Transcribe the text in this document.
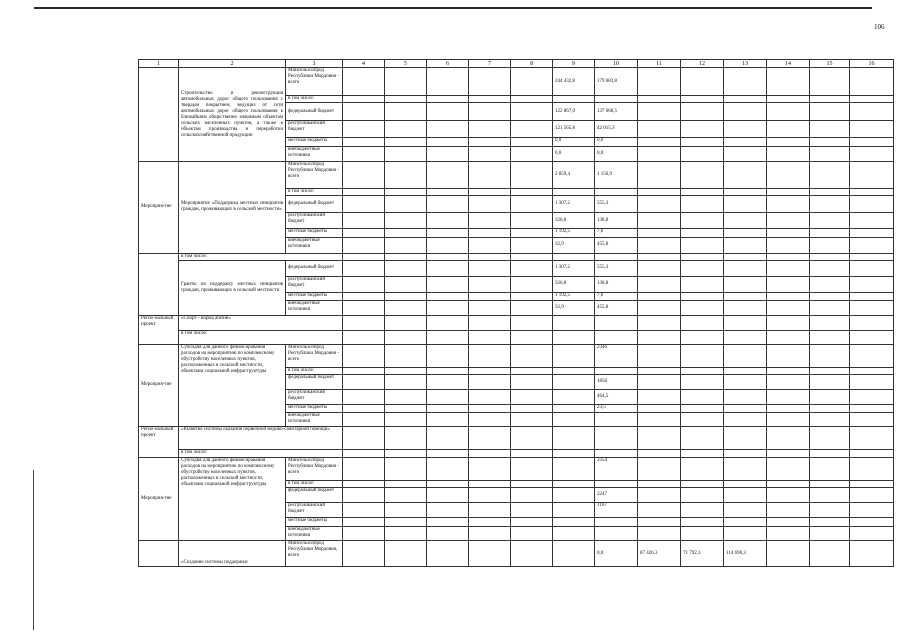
106
1	2	3	4	5	6	7	8	9	10	11	12	13	14	15	16
	Строительство и реконструкция автомобильных дорог общего пользования с твердым покрытием, ведущих от сети автомобильных дорог общего пользования к ближайшим общественно значимым объектам сельских населенных пунктов, а также к объектам производства и переработки сельскохозяйственной продукции	Минсельхозпрод Республики Мордовия - всего						244 432,8	179 683,8						
		в том числе:													
		федеральный бюджет						122 867,0	137 668,5						
		республиканский бюджет						121 565,8	42 015,3						
		местные бюджеты						0,0	0,0						
		внебюджетные источники						0,0	0,0						
Мероприя-тие	Мероприятие «Поддержка местных инициатив граждан, проживающих в сельской местности»	Минсельхозпрод Республики Мордовия - всего						2 859,4	1 156,9						
		в том числе:													
		федеральный бюджет						1 307,2	555,3						
		республиканский бюджет						326,8	138,8						
		местные бюджеты						1 192,5	7,0						
		внебюджетные источники						32,9	455,8						
	в том числе:														
	Гранты на поддержку местных инициатив граждан, проживающих в сельской местности	федеральный бюджет						1 307,2	555,3						
		республиканский бюджет						326,8	138,8						
		местные бюджеты						1 192,5	7,0						
		внебюджетные источники						32,9	455,8						
Регио-нальный проект	«Спорт - норма жизни»														
	в том числе:														
Мероприя-тие	Субсидия для данного финансирования расходов на мероприятию по комплексному обустройству населенных пунктов, расположенных в сельской местности, объектами социальной инфраструктуры	Минсельхозпрод Республики Мордовия - всего							2346						
		в том числе:													
		федеральный бюджет							1858						
		республиканский бюджет							464,5						
		местные бюджеты							23,5						
		внебюджетные источники													
Регио-нальный проект	«Развитие системы оказания первичной медико-санитарной помощи»														
	в том числе:														
Мероприя-тие	Субсидия для данного финансирования расходов на мероприятию по комплексному обустройству населенных пунктов, расположенных в сельской местности, объектами социальной инфраструктуры	Минсельхозпрод Республики Мордовия - всего							3354						
		в том числе:													
		федеральный бюджет							2247						
		республиканский бюджет							1107						
		местные бюджеты													
		внебюджетные источники													
	«Создание системы поддержки	Минсельхозпрод Республики Мордовия, всего							0,0	87 426,3	71 792,3	114 696,3			
